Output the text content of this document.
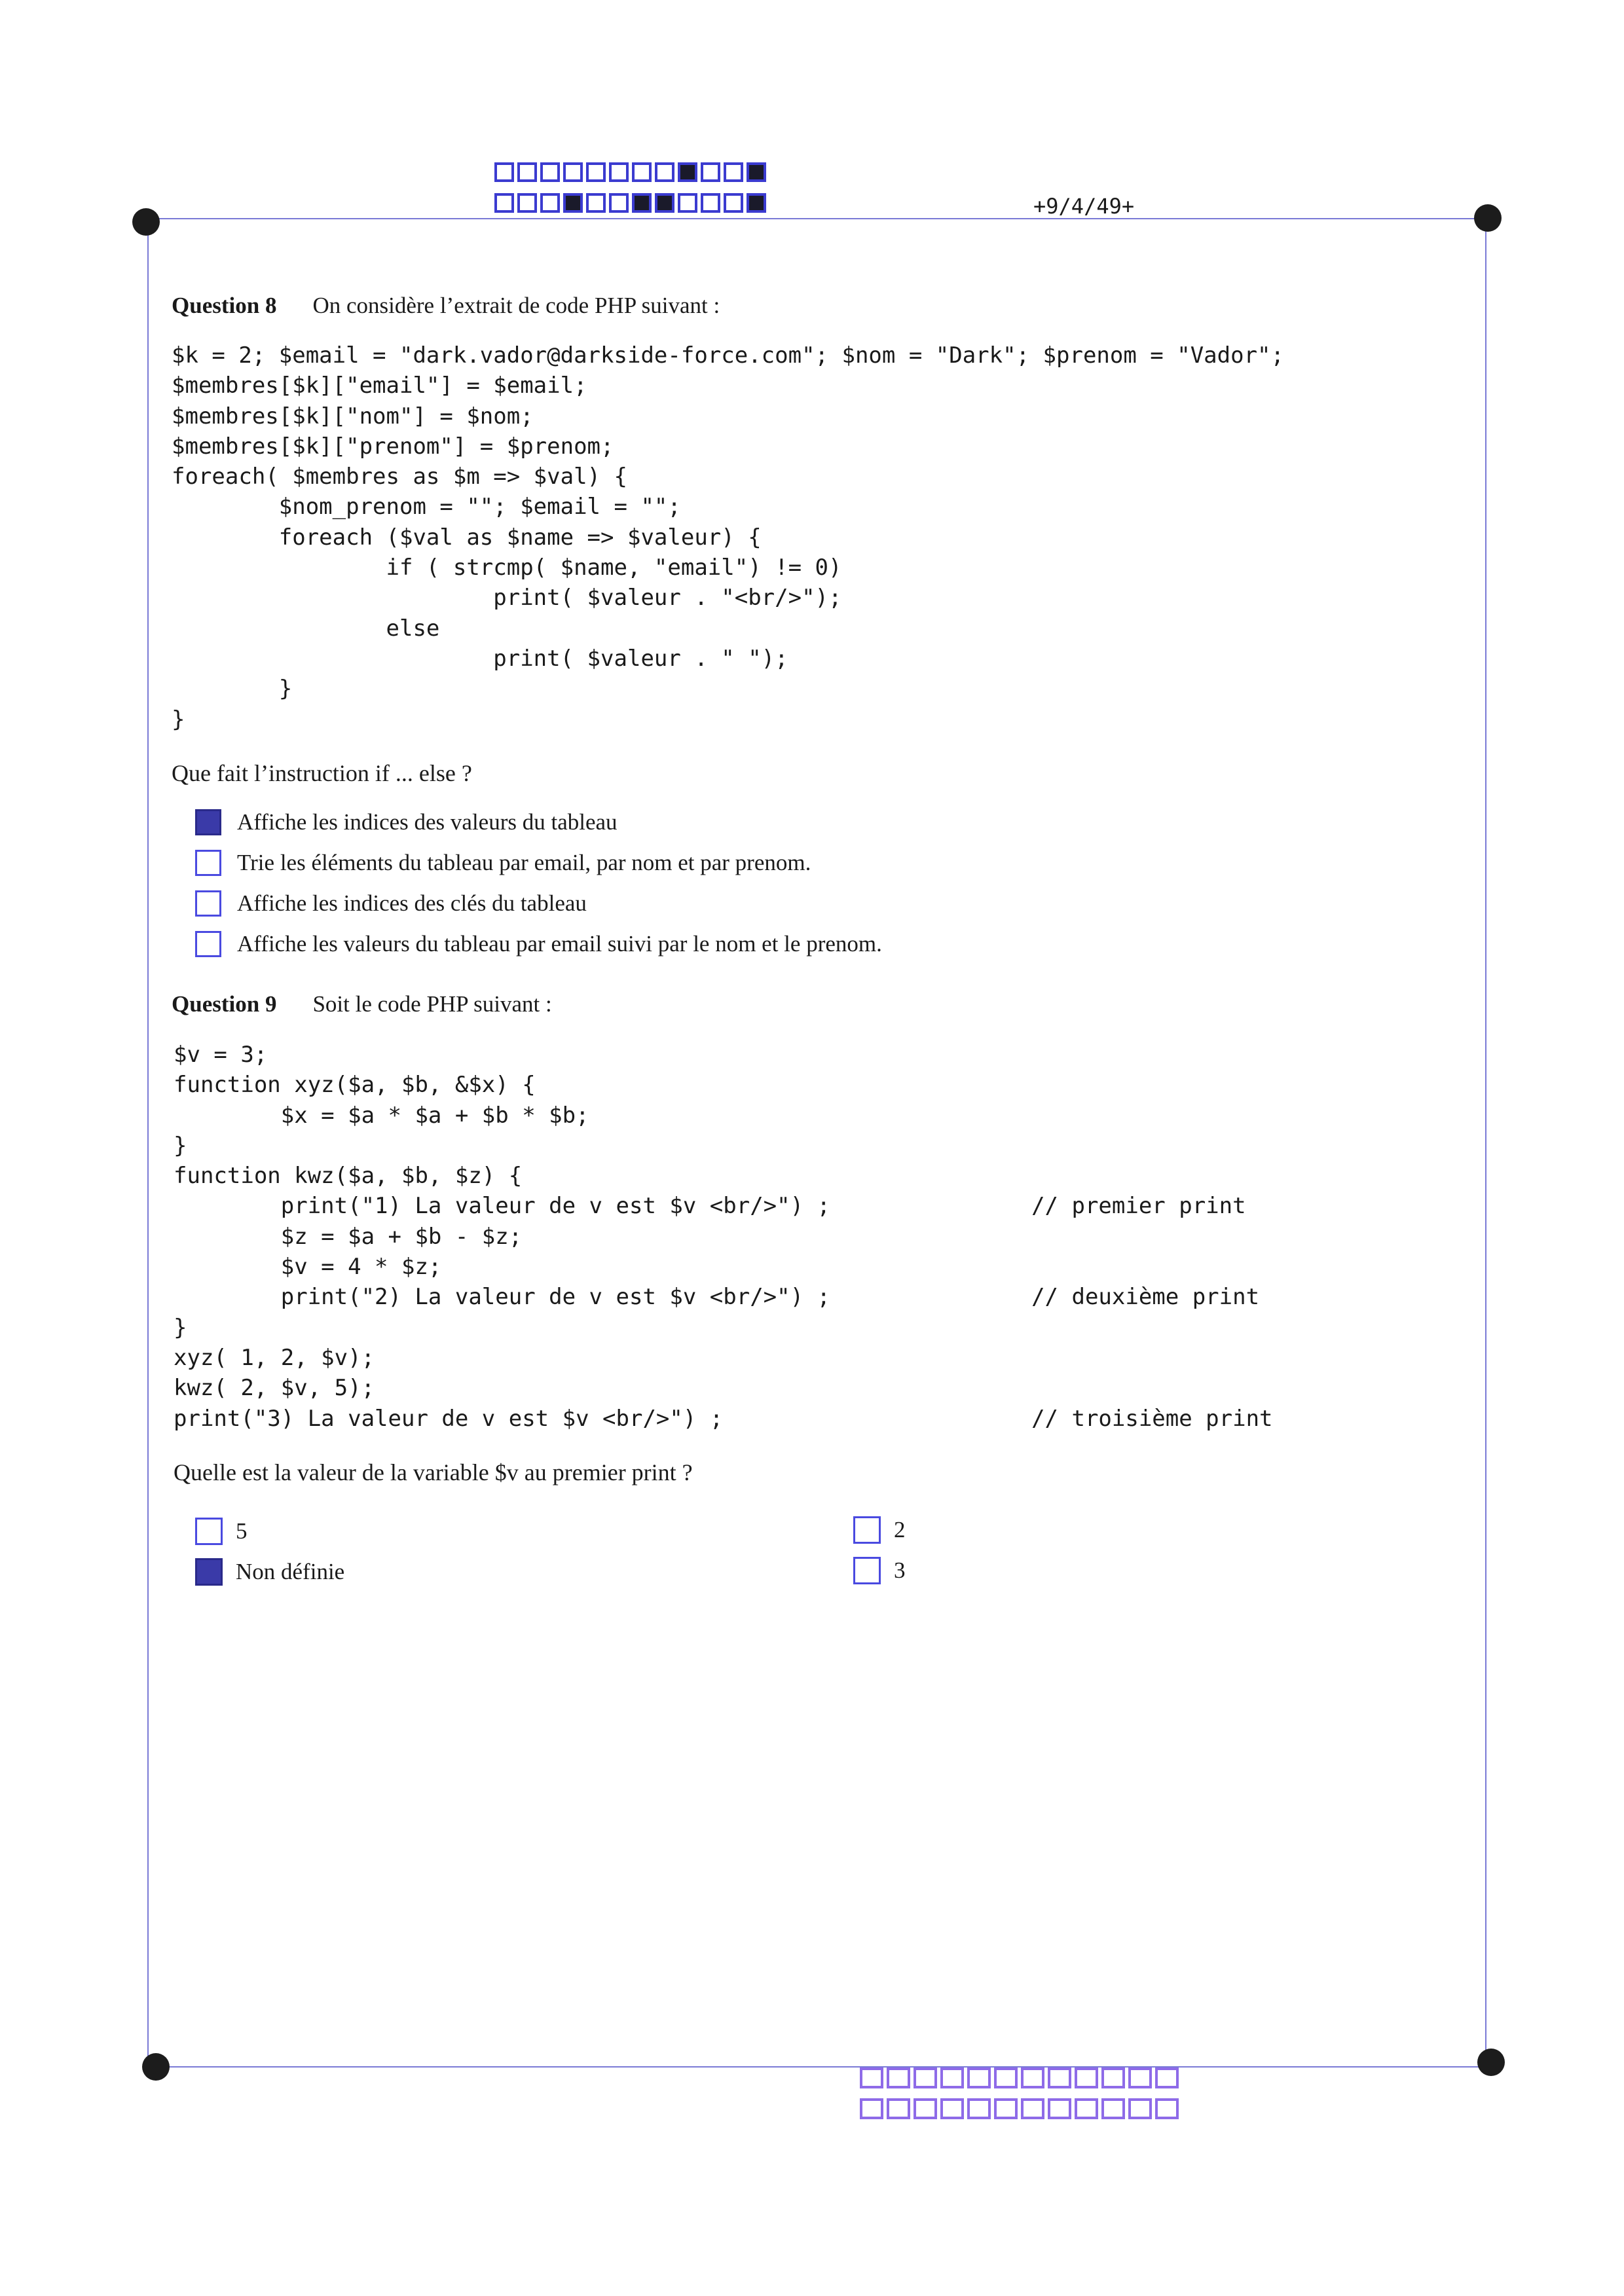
+9/4/49+
Question 8 On considère l’extrait de code PHP suivant :
$k = 2; $email = "dark.vador@darkside-force.com"; $nom = "Dark"; $prenom = "Vador";
$membres[$k]["email"] = $email;
$membres[$k]["nom"] = $nom;
$membres[$k]["prenom"] = $prenom;
foreach( $membres as $m => $val) {
$nom_prenom = ""; $email = "";
foreach ($val as $name => $valeur) {
if ( strcmp( $name, "email") != 0)
print( $valeur . "<br/>");
else
print( $valeur . " ");
}
}
Que fait l’instruction if ... else ?
Affiche les indices des valeurs du tableau
Trie les éléments du tableau par email, par nom et par prenom.
Affiche les indices des clés du tableau
Affiche les valeurs du tableau par email suivi par le nom et le prenom.
Question 9 Soit le code PHP suivant :
$v = 3;
function xyz($a, $b, &$x) {
$x = $a * $a + $b * $b;
}
function kwz($a, $b, $z) {
print("1) La valeur de v est $v <br/>") ;               // premier print
$z = $a + $b - $z;
$v = 4 * $z;
print("2) La valeur de v est $v <br/>") ;               // deuxième print
}
xyz( 1, 2, $v);
kwz( 2, $v, 5);
print("3) La valeur de v est $v <br/>") ;                       // troisième print
Quelle est la valeur de la variable $v au premier print ?
5	2
Non définie	3
